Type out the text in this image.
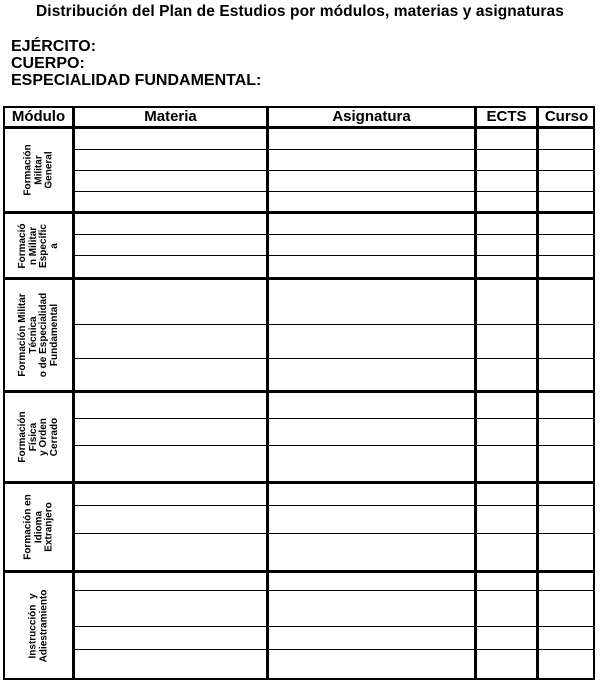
Distribución del Plan de Estudios por módulos, materias y asignaturas
EJÉRCITO:
CUERPO:
ESPECIALIDAD FUNDAMENTAL:
Módulo	Materia	Asignatura	ECTS	Curso
Formación
Militar
General
Formació
n Militar
Específic
a
Formación Militar
Técnica
o de Especialidad
Fundamental
Formación
Física
y Orden
Cerrado
Formación en
Idioma
Extranjero
Instrucción  y
Adiestramiento
